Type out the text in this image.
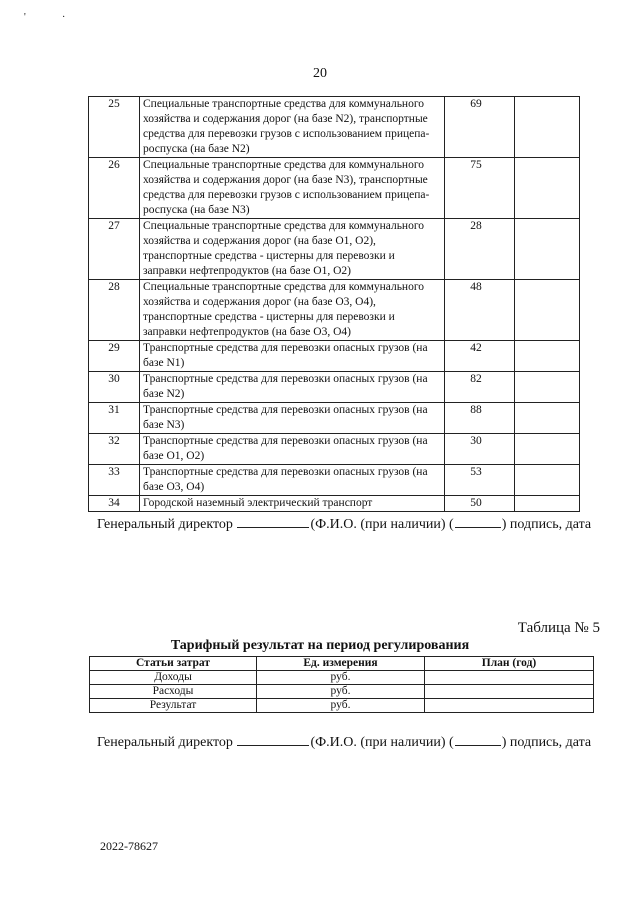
'	·
20
25	Специальные транспортные средства для коммунального хозяйства и содержания дорог (на базе N2), транспортные средства для перевозки грузов с использованием прицепа-роспуска (на базе N2)	69	

26	Специальные транспортные средства для коммунального хозяйства и содержания дорог (на базе N3), транспортные средства для перевозки грузов с использованием прицепа-роспуска (на базе N3)	75	

27	Специальные транспортные средства для коммунального хозяйства и содержания дорог (на базе O1, O2), транспортные средства - цистерны для перевозки и заправки нефтепродуктов (на базе O1, O2)	28	

28	Специальные транспортные средства для коммунального хозяйства и содержания дорог (на базе O3, O4), транспортные средства - цистерны для перевозки и заправки нефтепродуктов (на базе O3, O4)	48	

29	Транспортные средства для перевозки опасных грузов (на базе N1)	42	

30	Транспортные средства для перевозки опасных грузов (на базе N2)	82	

31	Транспортные средства для перевозки опасных грузов (на базе N3)	88	

32	Транспортные средства для перевозки опасных грузов (на базе O1, O2)	30	

33	Транспортные средства для перевозки опасных грузов (на базе O3, O4)	53	

34	Городской наземный электрический транспорт	50	

Генеральный директор	(Ф.И.О. (при наличии) (	) подпись, дата
Таблица № 5
Тарифный результат на период регулирования
Статьи затрат	Ед. измерения	План (год)
Доходы	руб.	
Расходы	руб.	
Результат	руб.	
Генеральный директор	(Ф.И.О. (при наличии) (	) подпись, дата
2022-78627
